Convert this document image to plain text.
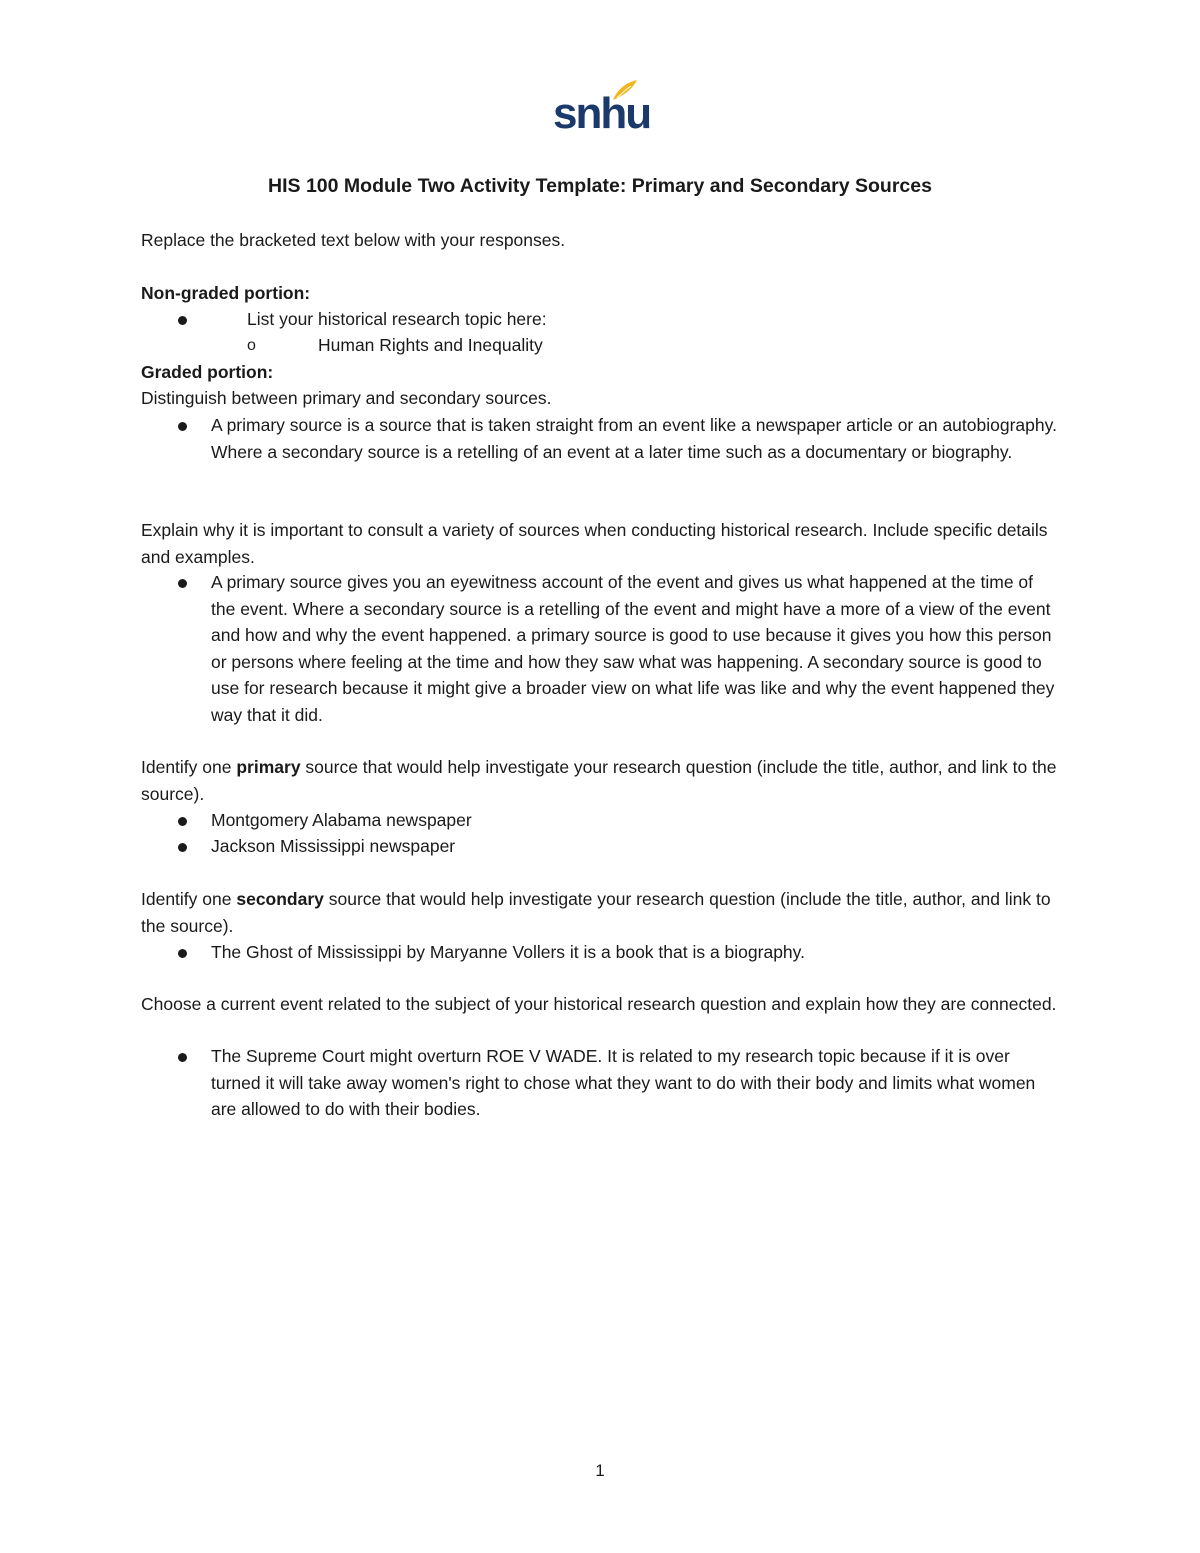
snhu
HIS 100 Module Two Activity Template: Primary and Secondary Sources

Replace the bracketed text below with your responses.

Non-graded portion:

List your historical research topic here:

o	Human Rights and Inequality

Graded portion:

Distinguish between primary and secondary sources.

A primary source is a source that is taken straight from an event like a newspaper article or an autobiography. Where a secondary source is a retelling of an event at a later time such as a documentary or biography.

Explain why it is important to consult a variety of sources when conducting historical research. Include specific details and examples.

A primary source gives you an eyewitness account of the event and gives us what happened at the time of the event. Where a secondary source is a retelling of the event and might have a more of a view of the event and how and why the event happened. a primary source is good to use because it gives you how this person or persons where feeling at the time and how they saw what was happening. A secondary source is good to use for research because it might give a broader view on what life was like and why the event happened they way that it did.

Identify one primary source that would help investigate your research question (include the title, author, and link to the source).

Montgomery Alabama newspaper

Jackson Mississippi newspaper

Identify one secondary source that would help investigate your research question (include the title, author, and link to the source).

The Ghost of Mississippi by Maryanne Vollers it is a book that is a biography.

Choose a current event related to the subject of your historical research question and explain how they are connected.

The Supreme Court might overturn ROE V WADE. It is related to my research topic because if it is over turned it will take away women's right to chose what they want to do with their body and limits what women are allowed to do with their bodies.

1
